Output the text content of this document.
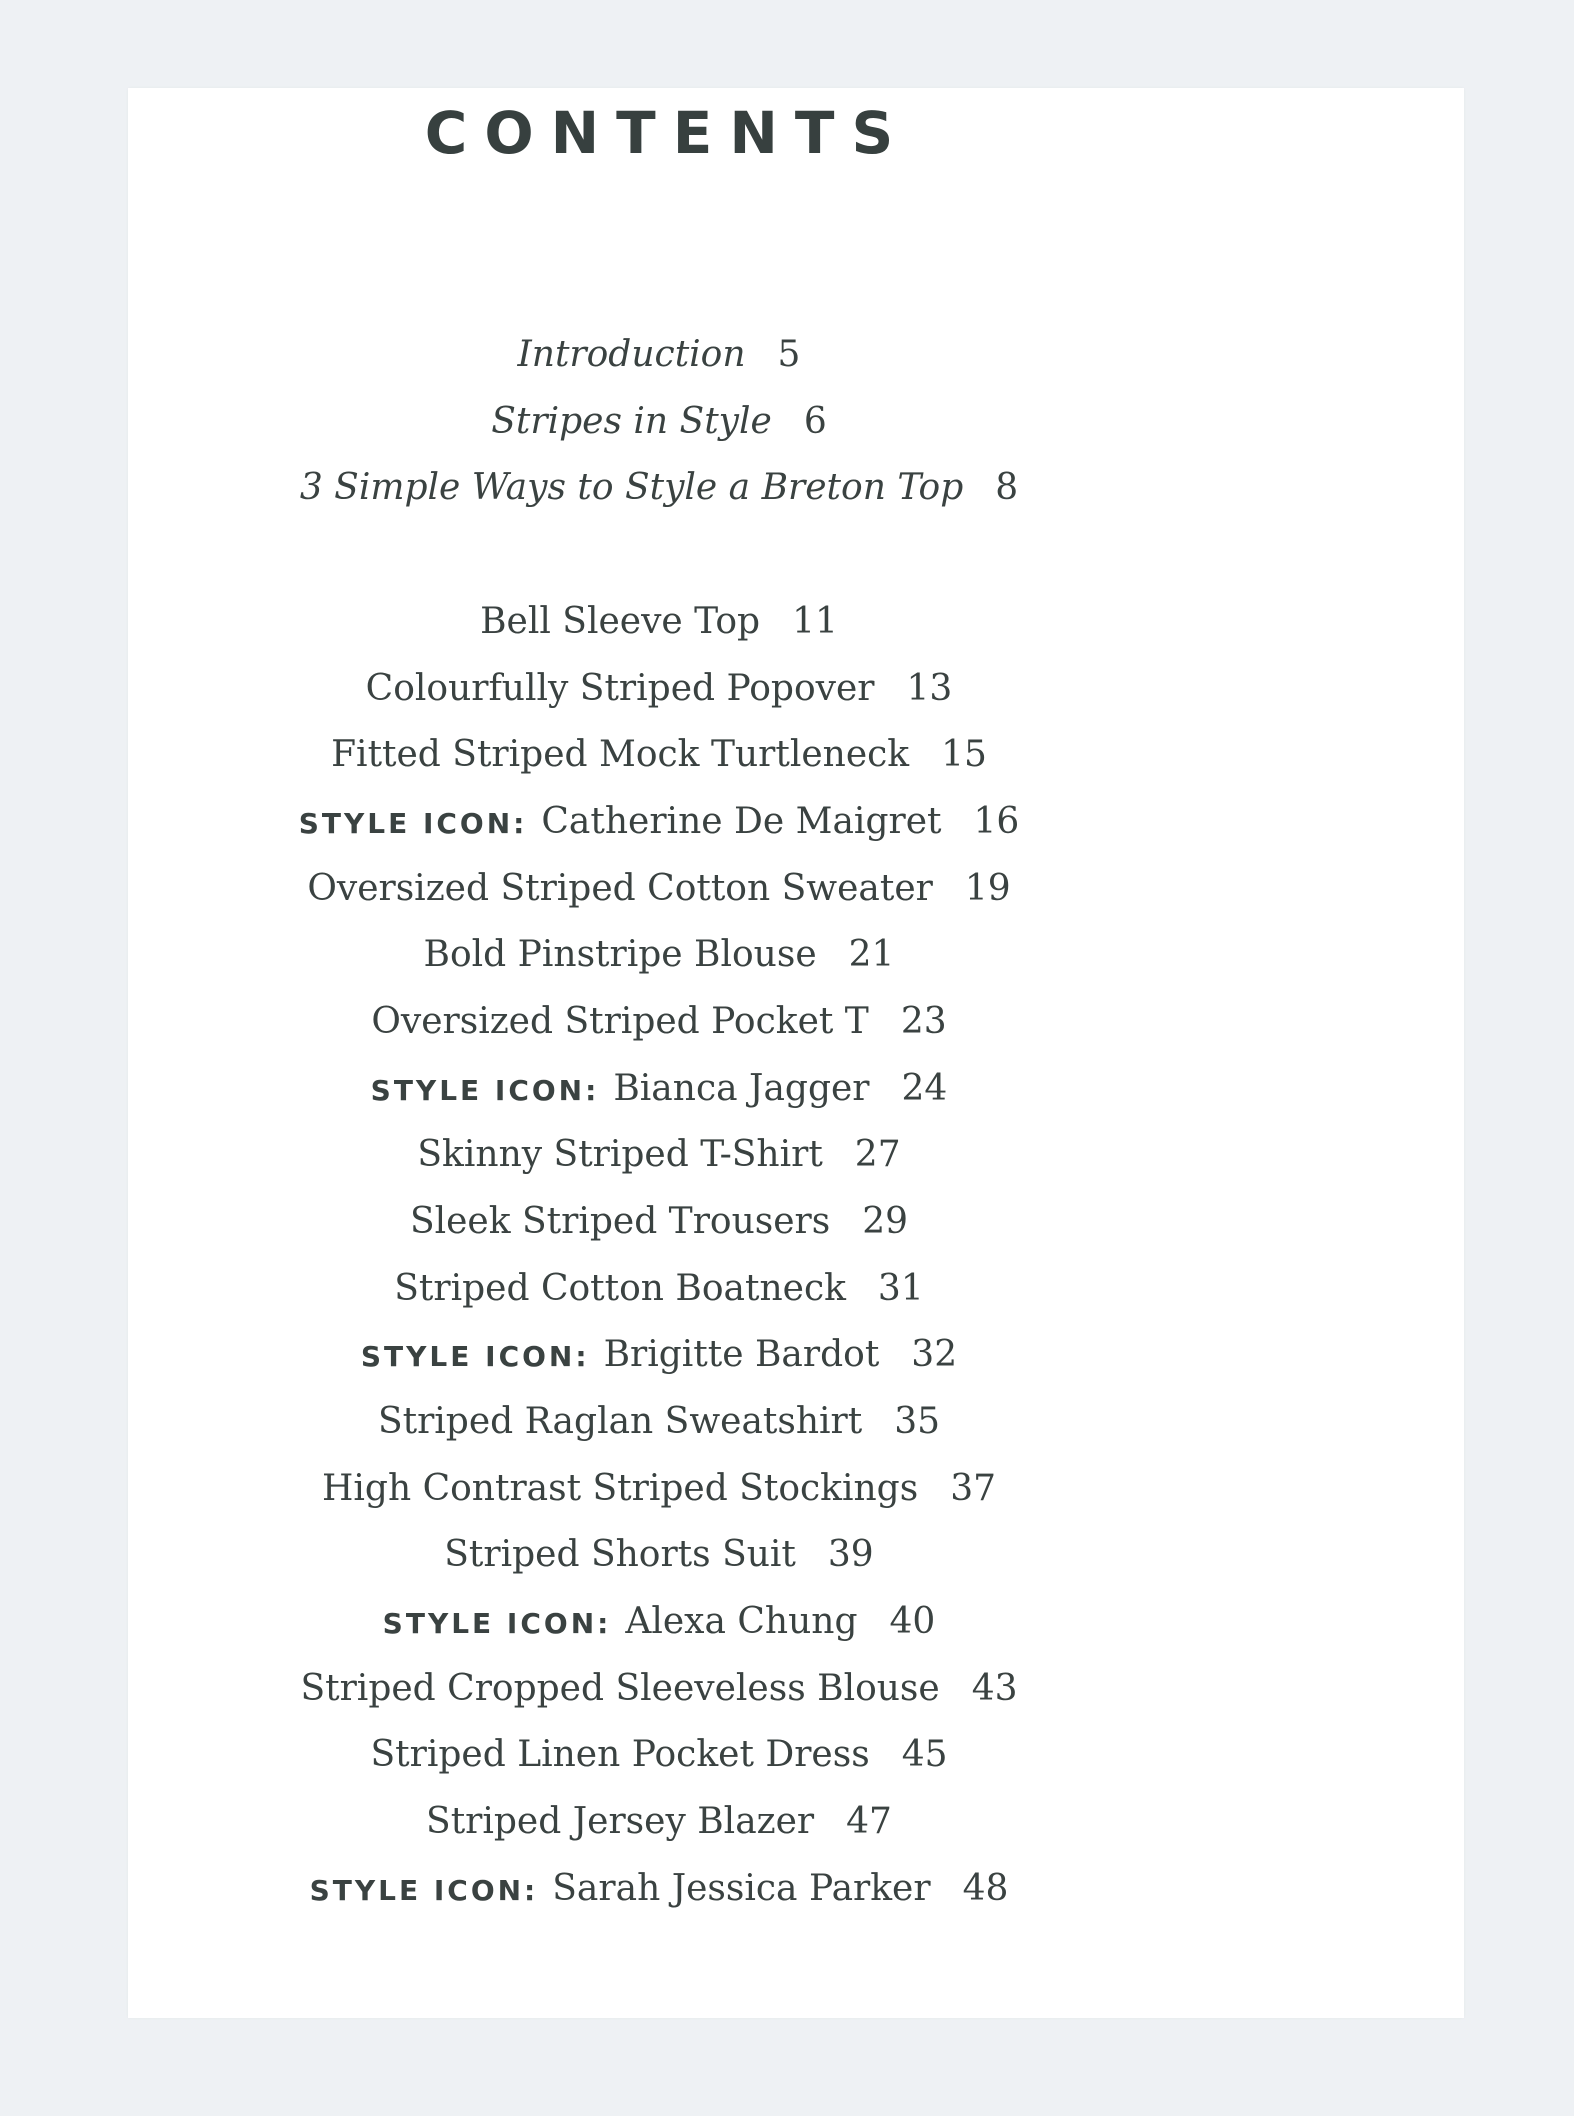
CONTENTS
Introduction 5
Stripes in Style 6
3 Simple Ways to Style a Breton Top 8
Bell Sleeve Top 11
Colourfully Striped Popover 13
Fitted Striped Mock Turtleneck 15
STYLE ICON: Catherine De Maigret 16
Oversized Striped Cotton Sweater 19
Bold Pinstripe Blouse 21
Oversized Striped Pocket T 23
STYLE ICON: Bianca Jagger 24
Skinny Striped T-Shirt 27
Sleek Striped Trousers 29
Striped Cotton Boatneck 31
STYLE ICON: Brigitte Bardot 32
Striped Raglan Sweatshirt 35
High Contrast Striped Stockings 37
Striped Shorts Suit 39
STYLE ICON: Alexa Chung 40
Striped Cropped Sleeveless Blouse 43
Striped Linen Pocket Dress 45
Striped Jersey Blazer 47
STYLE ICON: Sarah Jessica Parker 48
